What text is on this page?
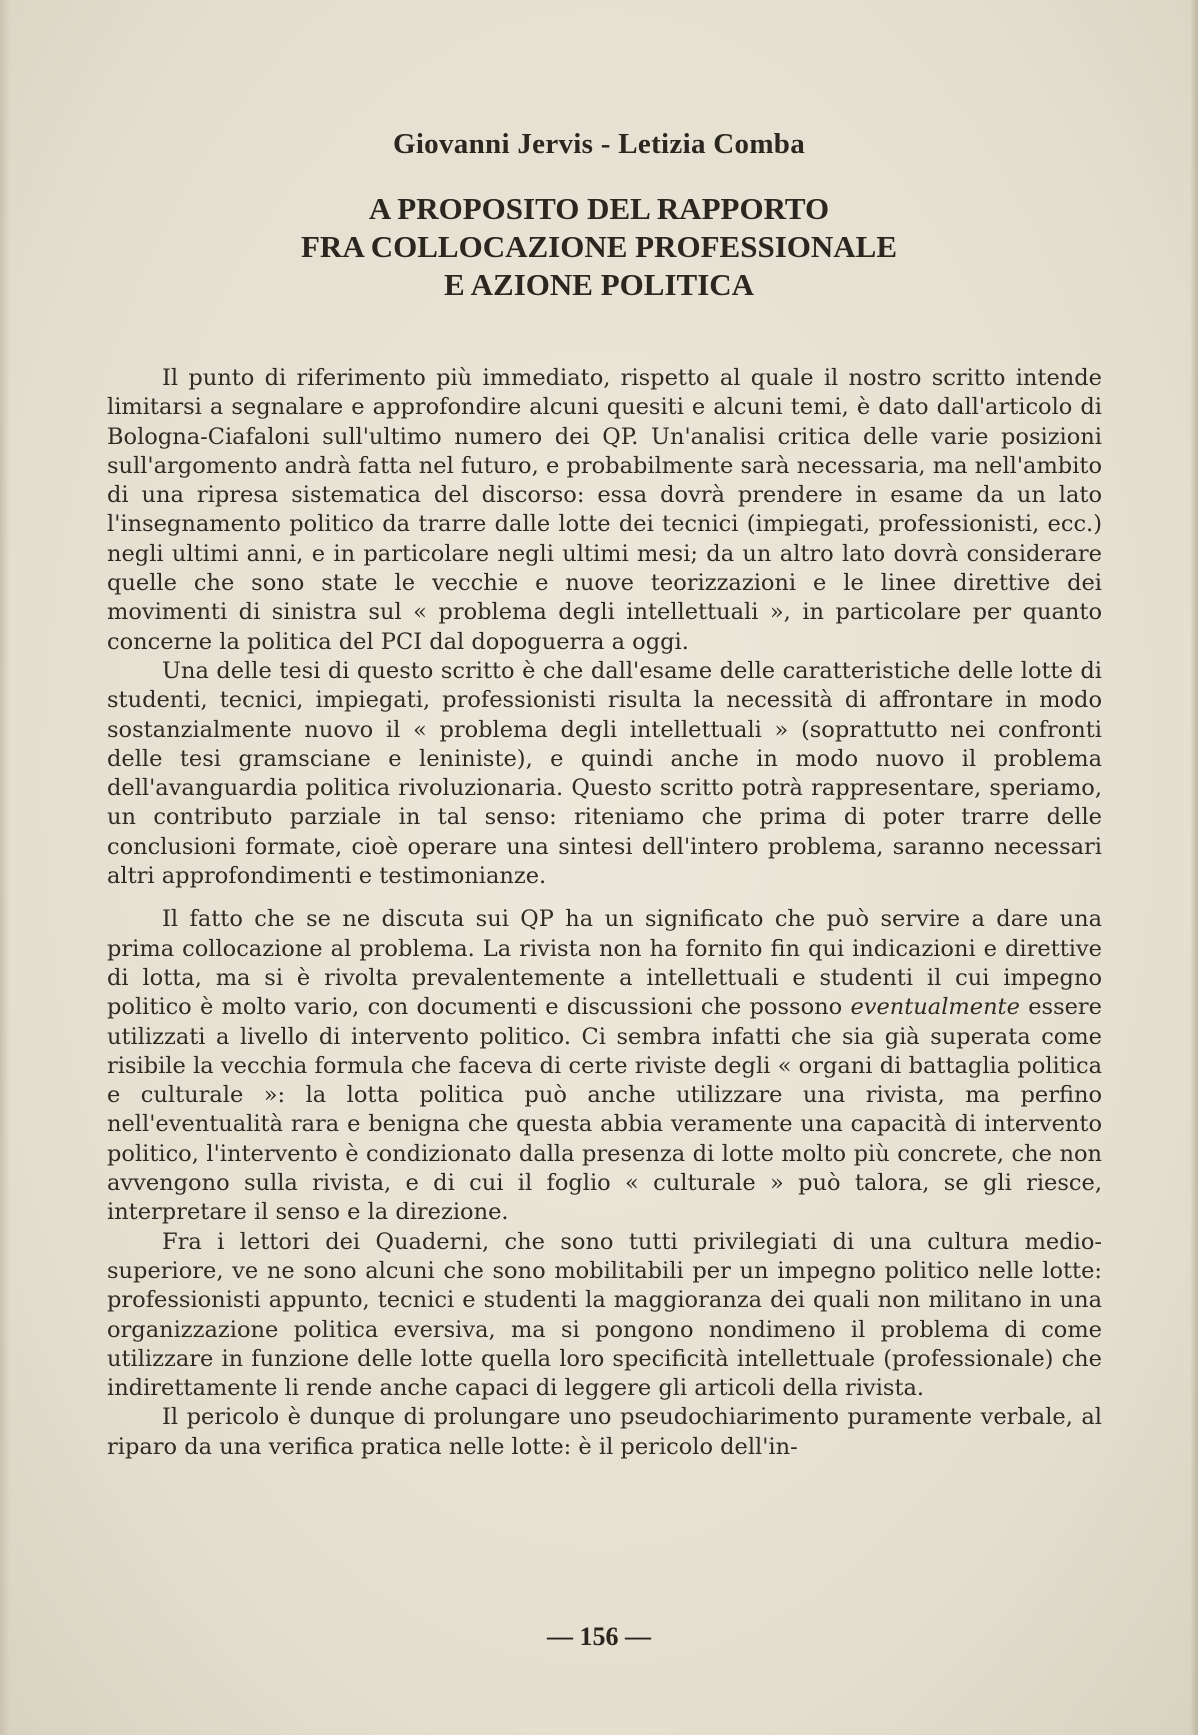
Giovanni Jervis - Letizia Comba
A PROPOSITO DEL RAPPORTO
FRA COLLOCAZIONE PROFESSIONALE
E AZIONE POLITICA

Il punto di riferimento più immediato, rispetto al quale il nostro scritto intende limitarsi a segnalare e approfondire alcuni quesiti e alcuni temi, è dato dall'articolo di Bologna-Ciafaloni sull'ultimo numero dei QP. Un'analisi critica delle varie posizioni sull'argomento andrà fatta nel futuro, e probabilmente sarà necessaria, ma nell'ambito di una ripresa sistematica del discorso: essa dovrà prendere in esame da un lato l'insegnamento politico da trarre dalle lotte dei tecnici (impiegati, professionisti, ecc.) negli ultimi anni, e in particolare negli ultimi mesi; da un altro lato dovrà considerare quelle che sono state le vecchie e nuove teorizzazioni e le linee direttive dei movimenti di sinistra sul « problema degli intellettuali », in particolare per quanto concerne la politica del PCI dal dopoguerra a oggi.

Una delle tesi di questo scritto è che dall'esame delle caratteristiche delle lotte di studenti, tecnici, impiegati, professionisti risulta la necessità di affrontare in modo sostanzialmente nuovo il « problema degli intellettuali » (soprattutto nei confronti delle tesi gramsciane e leniniste), e quindi anche in modo nuovo il problema dell'avanguardia politica rivoluzionaria. Questo scritto potrà rappresentare, speriamo, un contributo parziale in tal senso: riteniamo che prima di poter trarre delle conclusioni formate, cioè operare una sintesi dell'intero problema, saranno necessari altri approfondimenti e testimonianze.

Il fatto che se ne discuta sui QP ha un significato che può servire a dare una prima collocazione al problema. La rivista non ha fornito fin qui indicazioni e direttive di lotta, ma si è rivolta prevalentemente a intellettuali e studenti il cui impegno politico è molto vario, con documenti e discussioni che possono eventualmente essere utilizzati a livello di intervento politico. Ci sembra infatti che sia già superata come risibile la vecchia formula che faceva di certe riviste degli « organi di battaglia politica e culturale »: la lotta politica può anche utilizzare una rivista, ma perfino nell'eventualità rara e benigna che questa abbia veramente una capacità di intervento politico, l'intervento è condizionato dalla presenza di lotte molto più concrete, che non avvengono sulla rivista, e di cui il foglio « culturale » può talora, se gli riesce, interpretare il senso e la direzione.

Fra i lettori dei Quaderni, che sono tutti privilegiati di una cultura medio-superiore, ve ne sono alcuni che sono mobilitabili per un impegno politico nelle lotte: professionisti appunto, tecnici e studenti la maggioranza dei quali non militano in una organizzazione politica eversiva, ma si pongono nondimeno il problema di come utilizzare in funzione delle lotte quella loro specificità intellettuale (professionale) che indirettamente li rende anche capaci di leggere gli articoli della rivista.

Il pericolo è dunque di prolungare uno pseudochiarimento puramente verbale, al riparo da una verifica pratica nelle lotte: è il pericolo dell'in-

— 156 —
